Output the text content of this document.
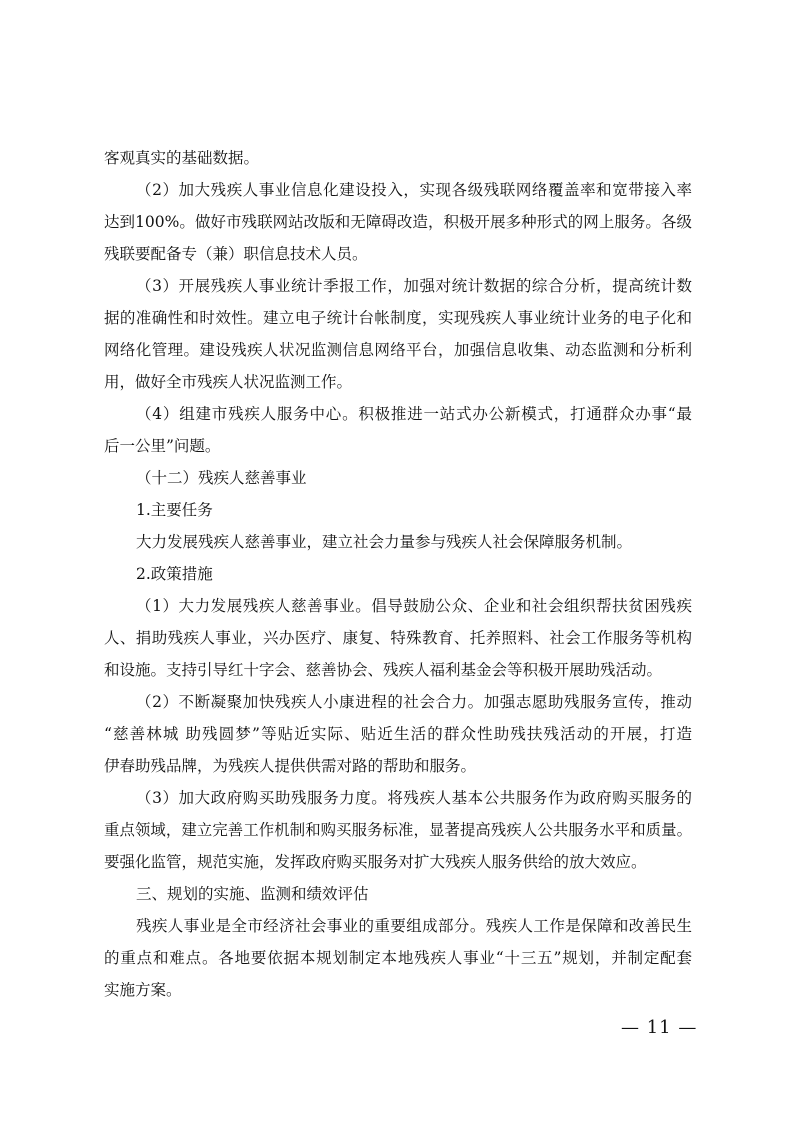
客观真实的基础数据。
（2）加大残疾人事业信息化建设投入，实现各级残联网络覆盖率和宽带接入率
达到100%。做好市残联网站改版和无障碍改造，积极开展多种形式的网上服务。各级
残联要配备专（兼）职信息技术人员。
（3）开展残疾人事业统计季报工作，加强对统计数据的综合分析，提高统计数
据的准确性和时效性。建立电子统计台帐制度，实现残疾人事业统计业务的电子化和
网络化管理。建设残疾人状况监测信息网络平台，加强信息收集、动态监测和分析利
用，做好全市残疾人状况监测工作。
（4）组建市残疾人服务中心。积极推进一站式办公新模式，打通群众办事“最
后一公里”问题。
（十二）残疾人慈善事业
1.主要任务
大力发展残疾人慈善事业，建立社会力量参与残疾人社会保障服务机制。
2.政策措施
（1）大力发展残疾人慈善事业。倡导鼓励公众、企业和社会组织帮扶贫困残疾
人、捐助残疾人事业，兴办医疗、康复、特殊教育、托养照料、社会工作服务等机构
和设施。支持引导红十字会、慈善协会、残疾人福利基金会等积极开展助残活动。
（2）不断凝聚加快残疾人小康进程的社会合力。加强志愿助残服务宣传，推动
“慈善林城 助残圆梦”等贴近实际、贴近生活的群众性助残扶残活动的开展，打造
伊春助残品牌，为残疾人提供供需对路的帮助和服务。
（3）加大政府购买助残服务力度。将残疾人基本公共服务作为政府购买服务的
重点领域，建立完善工作机制和购买服务标准，显著提高残疾人公共服务水平和质量。
要强化监管，规范实施，发挥政府购买服务对扩大残疾人服务供给的放大效应。
三、规划的实施、监测和绩效评估
残疾人事业是全市经济社会事业的重要组成部分。残疾人工作是保障和改善民生
的重点和难点。各地要依据本规划制定本地残疾人事业“十三五”规划，并制定配套
实施方案。
— 11 —
